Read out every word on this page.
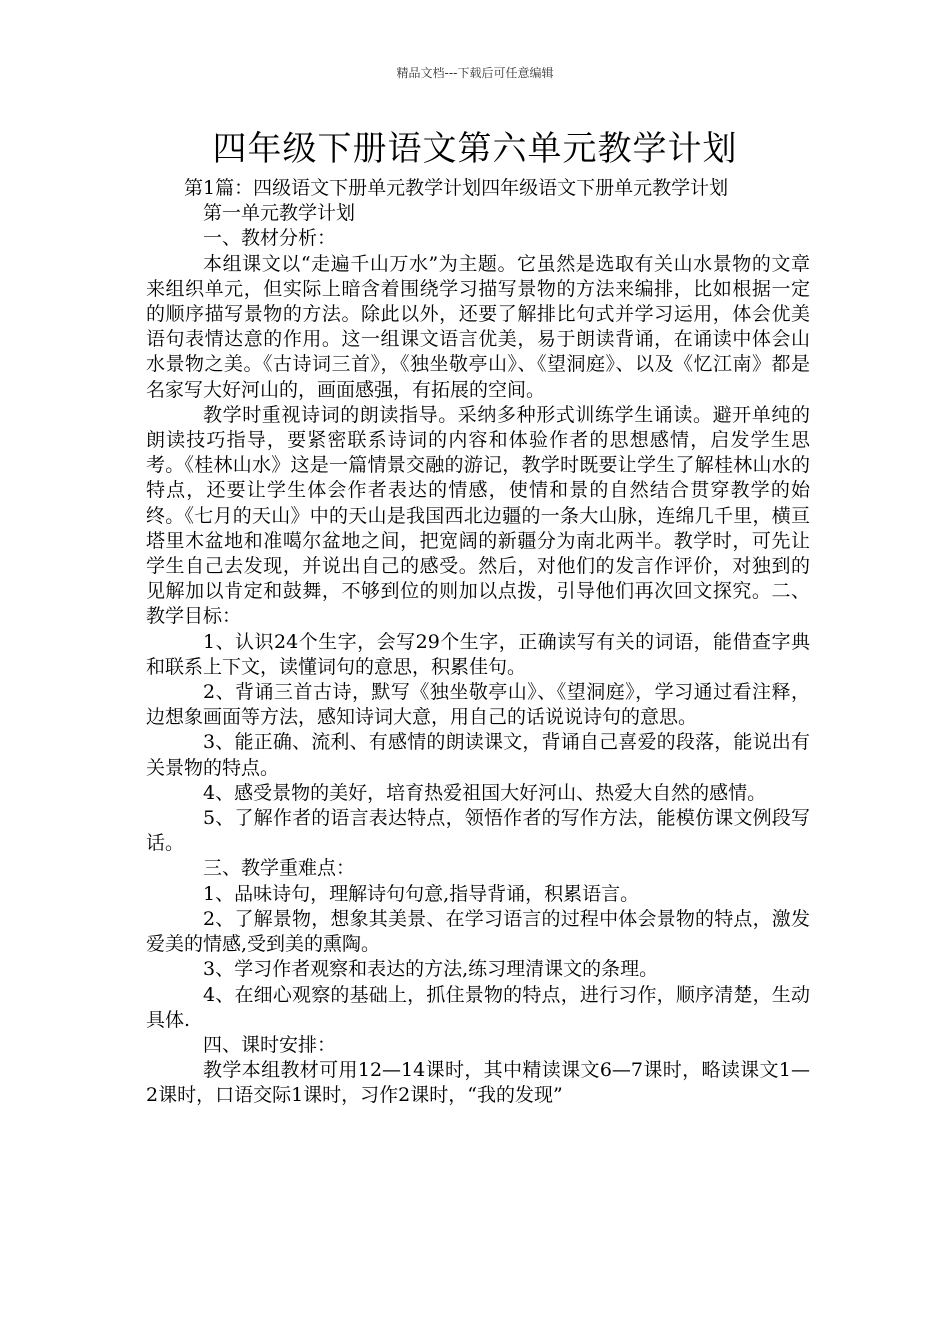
精品文档---下载后可任意编辑
四年级下册语文第六单元教学计划

第1篇：四级语文下册单元教学计划四年级语文下册单元教学计划

第一单元教学计划

一、教材分析：

本组课文以“走遍千山万水”为主题。它虽然是选取有关山水景物的文章来组织单元，但实际上暗含着围绕学习描写景物的方法来编排，比如根据一定的顺序描写景物的方法。除此以外，还要了解排比句式并学习运用，体会优美语句表情达意的作用。这一组课文语言优美，易于朗读背诵，在诵读中体会山水景物之美。《古诗词三首》，《独坐敬亭山》、《望洞庭》、以及《忆江南》都是名家写大好河山的，画面感强，有拓展的空间。

教学时重视诗词的朗读指导。采纳多种形式训练学生诵读。避开单纯的朗读技巧指导，要紧密联系诗词的内容和体验作者的思想感情，启发学生思考。《桂林山水》这是一篇情景交融的游记，教学时既要让学生了解桂林山水的特点，还要让学生体会作者表达的情感，使情和景的自然结合贯穿教学的始终。《七月的天山》中的天山是我国西北边疆的一条大山脉，连绵几千里，横亘塔里木盆地和准噶尔盆地之间，把宽阔的新疆分为南北两半。教学时，可先让学生自己去发现，并说出自己的感受。然后，对他们的发言作评价，对独到的见解加以肯定和鼓舞，不够到位的则加以点拨，引导他们再次回文探究。二、教学目标：

1、认识24个生字，会写29个生字，正确读写有关的词语，能借查字典和联系上下文，读懂词句的意思，积累佳句。

2、背诵三首古诗，默写《独坐敬亭山》、《望洞庭》，学习通过看注释，边想象画面等方法，感知诗词大意，用自己的话说说诗句的意思。

3、能正确、流利、有感情的朗读课文，背诵自己喜爱的段落，能说出有关景物的特点。

4、感受景物的美好，培育热爱祖国大好河山、热爱大自然的感情。

5、了解作者的语言表达特点，领悟作者的写作方法，能模仿课文例段写话。

三、教学重难点：

1、品味诗句，理解诗句句意,指导背诵，积累语言。

2、了解景物，想象其美景、在学习语言的过程中体会景物的特点，激发爱美的情感,受到美的熏陶。

3、学习作者观察和表达的方法,练习理清课文的条理。

4、在细心观察的基础上，抓住景物的特点，进行习作，顺序清楚，生动具体.

四、课时安排：

教学本组教材可用12—14课时，其中精读课文6—7课时，略读课文1—2课时，口语交际1课时，习作2课时，“我的发现”
